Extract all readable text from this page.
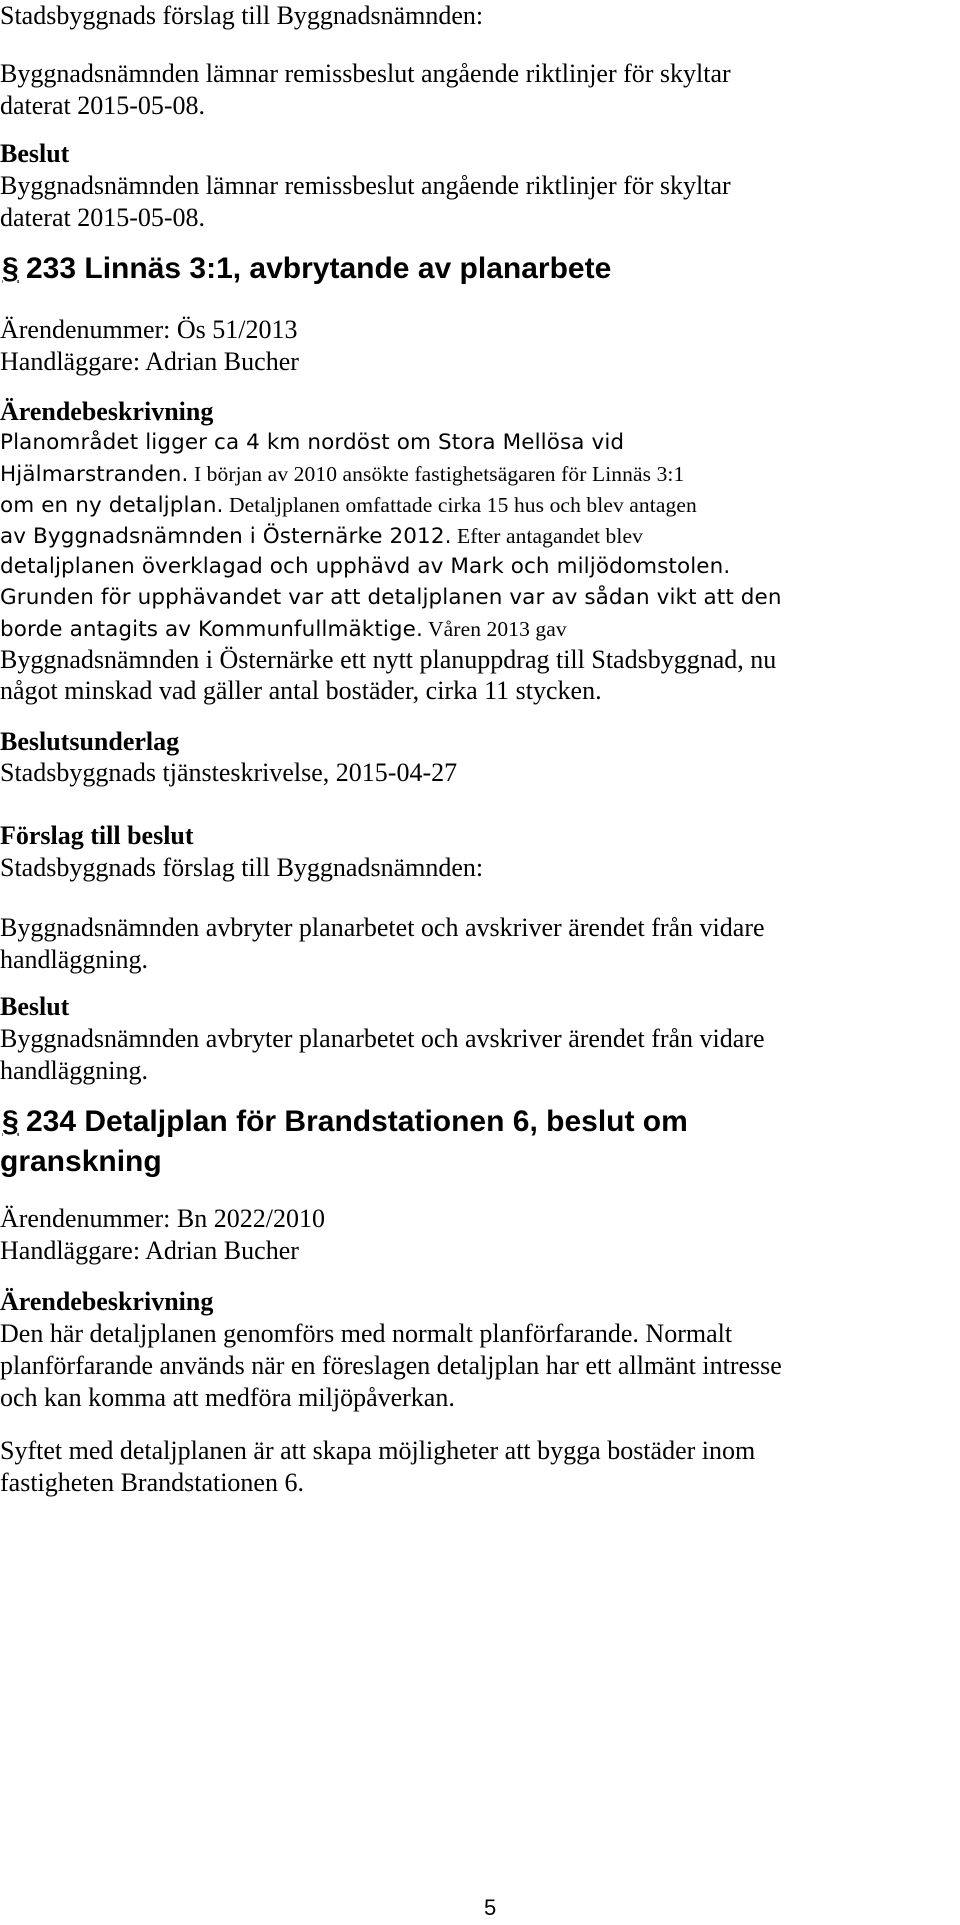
Stadsbyggnads förslag till Byggnadsnämnden:

Byggnadsnämnden lämnar remissbeslut angående riktlinjer för skyltar

daterat 2015-05-08.

Beslut

Byggnadsnämnden lämnar remissbeslut angående riktlinjer för skyltar

daterat 2015-05-08.

§ 233 Linnäs 3:1, avbrytande av planarbete

Ärendenummer: Ös 51/2013

Handläggare: Adrian Bucher

Ärendebeskrivning

Planområdet ligger ca 4 km nordöst om Stora Mellösa vid

Hjälmarstranden. I början av 2010 ansökte fastighetsägaren för Linnäs 3:1

om en ny detaljplan. Detaljplanen omfattade cirka 15 hus och blev antagen

av Byggnadsnämnden i Östernärke 2012. Efter antagandet blev

detaljplanen överklagad och upphävd av Mark och miljödomstolen.

Grunden för upphävandet var att detaljplanen var av sådan vikt att den

borde antagits av Kommunfullmäktige. Våren 2013 gav

Byggnadsnämnden i Östernärke ett nytt planuppdrag till Stadsbyggnad, nu

något minskad vad gäller antal bostäder, cirka 11 stycken.

Beslutsunderlag

Stadsbyggnads tjänsteskrivelse, 2015-04-27

Förslag till beslut

Stadsbyggnads förslag till Byggnadsnämnden:

Byggnadsnämnden avbryter planarbetet och avskriver ärendet från vidare

handläggning.

Beslut

Byggnadsnämnden avbryter planarbetet och avskriver ärendet från vidare

handläggning.

§ 234 Detaljplan för Brandstationen 6, beslut om

granskning

Ärendenummer: Bn 2022/2010

Handläggare: Adrian Bucher

Ärendebeskrivning

Den här detaljplanen genomförs med normalt planförfarande. Normalt

planförfarande används när en föreslagen detaljplan har ett allmänt intresse

och kan komma att medföra miljöpåverkan.

Syftet med detaljplanen är att skapa möjligheter att bygga bostäder inom

fastigheten Brandstationen 6.

5
